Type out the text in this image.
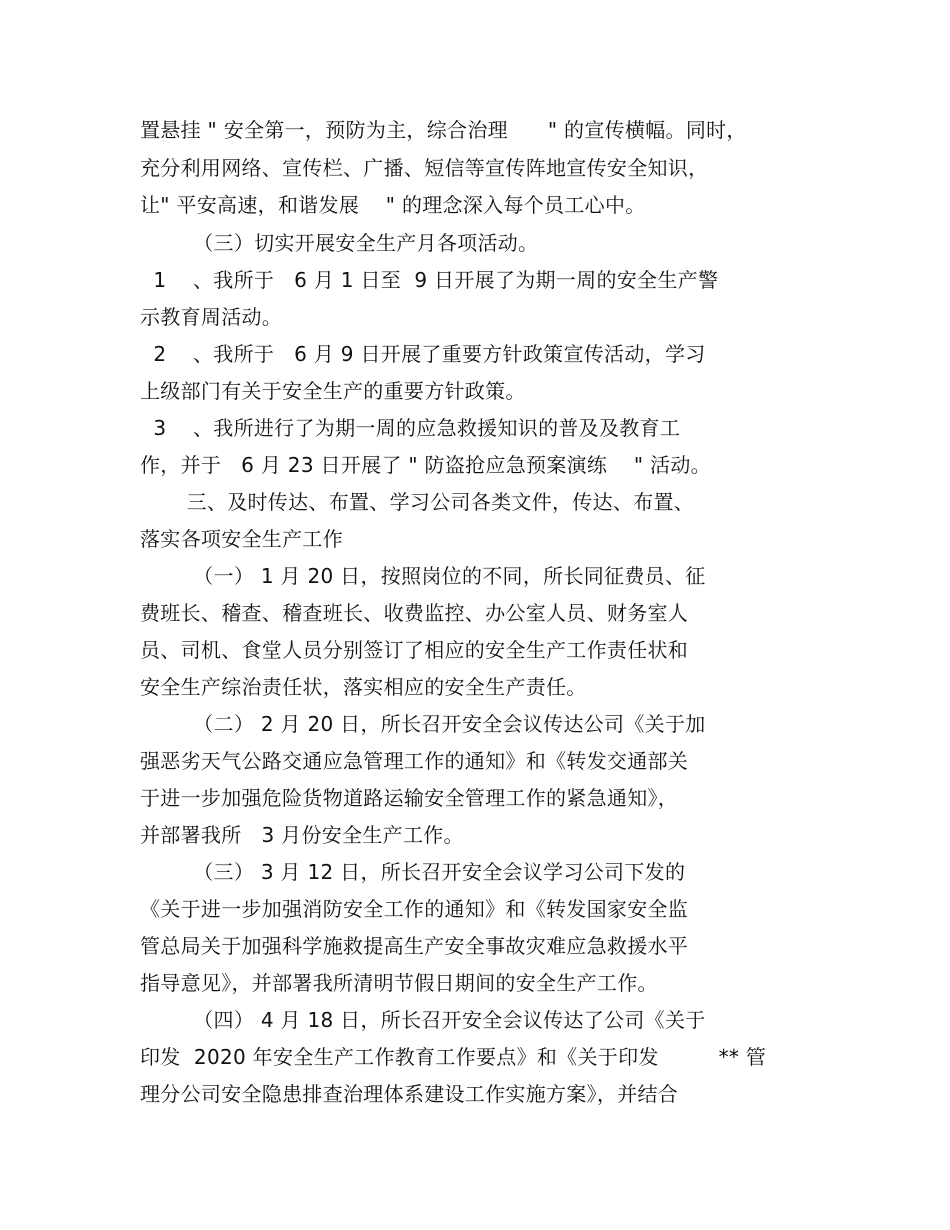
置悬挂 " 安全第一，预防为主，综合治理      " 的宣传横幅。同时，
充分利用网络、宣传栏、广播、短信等宣传阵地宣传安全知识，
让" 平安高速，和谐发展    " 的理念深入每个员工心中。
（三）切实开展安全生产月各项活动。
1    、我所于   6 月 1 日至  9 日开展了为期一周的安全生产警
示教育周活动。
2    、我所于   6 月 9 日开展了重要方针政策宣传活动，学习
上级部门有关于安全生产的重要方针政策。
3    、我所进行了为期一周的应急救援知识的普及及教育工
作，并于   6 月 23 日开展了 " 防盗抢应急预案演练    " 活动。
三、及时传达、布置、学习公司各类文件，传达、布置、
落实各项安全生产工作
（一） 1 月 20 日，按照岗位的不同，所长同征费员、征
费班长、稽查、稽查班长、收费监控、办公室人员、财务室人
员、司机、食堂人员分别签订了相应的安全生产工作责任状和
安全生产综治责任状，落实相应的安全生产责任。
（二） 2 月 20 日，所长召开安全会议传达公司《关于加
强恶劣天气公路交通应急管理工作的通知》和《转发交通部关
于进一步加强危险货物道路运输安全管理工作的紧急通知》，
并部署我所   3 月份安全生产工作。
（三） 3 月 12 日，所长召开安全会议学习公司下发的
《关于进一步加强消防安全工作的通知》和《转发国家安全监
管总局关于加强科学施救提高生产安全事故灾难应急救援水平
指导意见》，并部署我所清明节假日期间的安全生产工作。
（四） 4 月 18 日，所长召开安全会议传达了公司《关于
印发  2020 年安全生产工作教育工作要点》和《关于印发         ** 管
理分公司安全隐患排查治理体系建设工作实施方案》，并结合
